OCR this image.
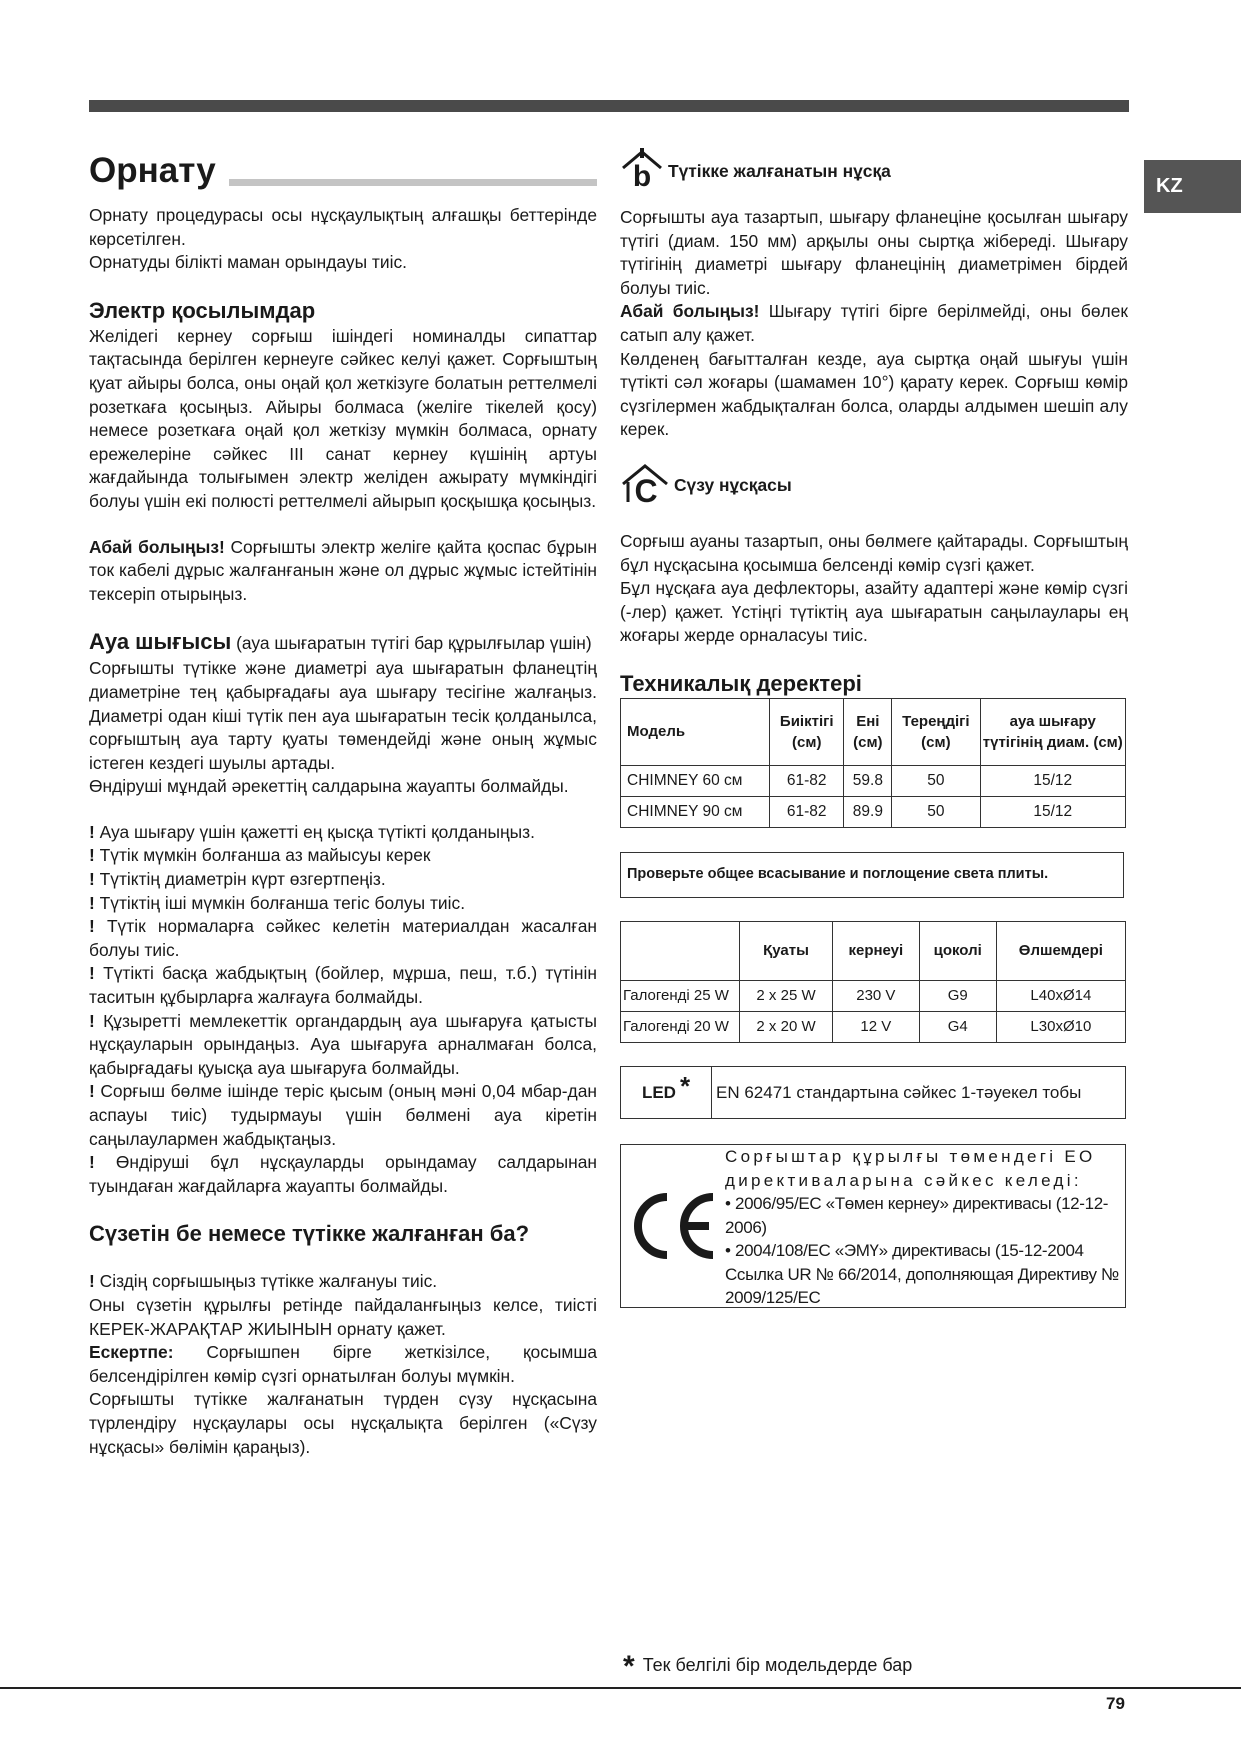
KZ
Орнату

Орнату процедурасы осы нұсқаулықтың алғашқы беттерінде көрсетілген.

Орнатуды білікті маман орындауы тиіс.

Электр қосылымдар

Желідегі кернеу сорғыш ішіндегі номиналды сипаттар тақтасында берілген кернеуге сәйкес келуі қажет. Сорғыштың қуат айыры болса, оны оңай қол жеткізуге болатын реттелмелі розеткаға қосыңыз. Айыры болмаса (желіге тікелей қосу) немесе розеткаға оңай қол жеткізу мүмкін болмаса, орнату ережелеріне сәйкес III санат кернеу күшінің артуы жағдайында толығымен электр желіден ажырату мүмкіндігі болуы үшін екі полюсті реттелмелі айырып қосқышқа қосыңыз.

Абай болыңыз! Сорғышты электр желіге қайта қоспас бұрын ток кабелі дұрыс жалғанғанын және ол дұрыс жұмыс істейтінін тексеріп отырыңыз.

Ауа шығысы (ауа шығаратын түтігі бар құрылғылар үшін)

Сорғышты түтікке және диаметрі ауа шығаратын фланецтің диаметріне тең қабырғадағы ауа шығару тесігіне жалғаңыз. Диаметрі одан кіші түтік пен ауа шығаратын тесік қолданылса, сорғыштың ауа тарту қуаты төмендейді және оның жұмыс істеген кездегі шуылы артады.

Өндіруші мұндай әрекеттің салдарына жауапты болмайды.

! Ауа шығару үшін қажетті ең қысқа түтікті қолданыңыз.

! Түтік мүмкін болғанша аз майысуы керек

! Түтіктің диаметрін күрт өзгертпеңіз.

! Түтіктің іші мүмкін болғанша тегіс болуы тиіс.

! Түтік нормаларға сәйкес келетін материалдан жасалған болуы тиіс.

! Түтікті басқа жабдықтың (бойлер, мұрша, пеш, т.б.) түтінін таситын құбырларға жалғауға болмайды.

! Құзыретті мемлекеттік органдардың ауа шығаруға қатысты нұсқауларын орындаңыз. Ауа шығаруға арналмаған болса, қабырғадағы қуысқа ауа шығаруға болмайды.

! Сорғыш бөлме ішінде теріс қысым (оның мәні 0,04 мбар-дан аспауы тиіс) тудырмауы үшін бөлмені ауа кіретін саңылаулармен жабдықтаңыз.

! Өндіруші бұл нұсқауларды орындамау салдарынан туындаған жағдайларға жауапты болмайды.

Сүзетін бе немесе түтікке жалғанған ба?

! Сіздің сорғышыңыз түтікке жалғануы тиіс.

Оны сүзетін құрылғы ретінде пайдаланғыңыз келсе, тиісті КЕРЕК-ЖАРАҚТАР ЖИЫНЫН орнату қажет.

Ескертпе: Сорғышпен бірге жеткізілсе, қосымша белсендірілген көмір сүзгі орнатылған болуы мүмкін.

Сорғышты түтікке жалғанатын түрден сүзу нұсқасына түрлендіру нұсқаулары осы нұсқалықта берілген («Сүзу нұсқасы» бөлімін қараңыз).

b Түтікке жалғанатын нұсқа

Сорғышты ауа тазартып, шығару фланеціне қосылған шығару түтігі (диам. 150 мм) арқылы оны сыртқа жібереді. Шығару түтігінің диаметрі шығару фланецінің диаметрімен бірдей болуы тиіс.

Абай болыңыз! Шығару түтігі бірге берілмейді, оны бөлек сатып алу қажет.

Көлденең бағытталған кезде, ауа сыртқа оңай шығуы үшін түтікті сәл жоғары (шамамен 10°) қарату керек. Сорғыш көмір сүзгілермен жабдықталған болса, оларды алдымен шешіп алу керек.

C Сүзу нұсқасы

Сорғыш ауаны тазартып, оны бөлмеге қайтарады. Сорғыштың бұл нұсқасына қосымша белсенді көмір сүзгі қажет.

Бұл нұсқаға ауа дефлекторы, азайту адаптері және көмір сүзгі (-лер) қажет. Үстіңгі түтіктің ауа шығаратын саңылаулары ең жоғары жерде орналасуы тиіс.

Техникалық деректері
Модель	Биіктігі (см)	Ені (см)	Тереңдігі (см)	ауа шығару түтігінің диам. (см)
CHIMNEY 60 см	61-82	59.8	50	15/12
CHIMNEY 90 см	61-82	89.9	50	15/12
Проверьте общее всасывание и поглощение света плиты.
	Қуаты	кернеуі	цоколі	Өлшемдері
Галогенді 25 W	2 x 25 W	230 V	G9	L40xØ14
Галогенді 20 W	2 x 20 W	12 V	G4	L30xØ10
LED * EN 62471 стандартына сәйкес 1-тәуекел тобы

Сорғыштар құрылғы төмендегі ЕО директиваларына сәйкес келеді:

• 2006/95/EC «Төмен кернеу» директивасы (12-12-2006)

• 2004/108/EC «ЭМҮ» директивасы (15-12-2004 Ссылка UR № 66/2014, дополняющая Директиву № 2009/125/EC

* Тек белгілі бір модельдерде бар
79
